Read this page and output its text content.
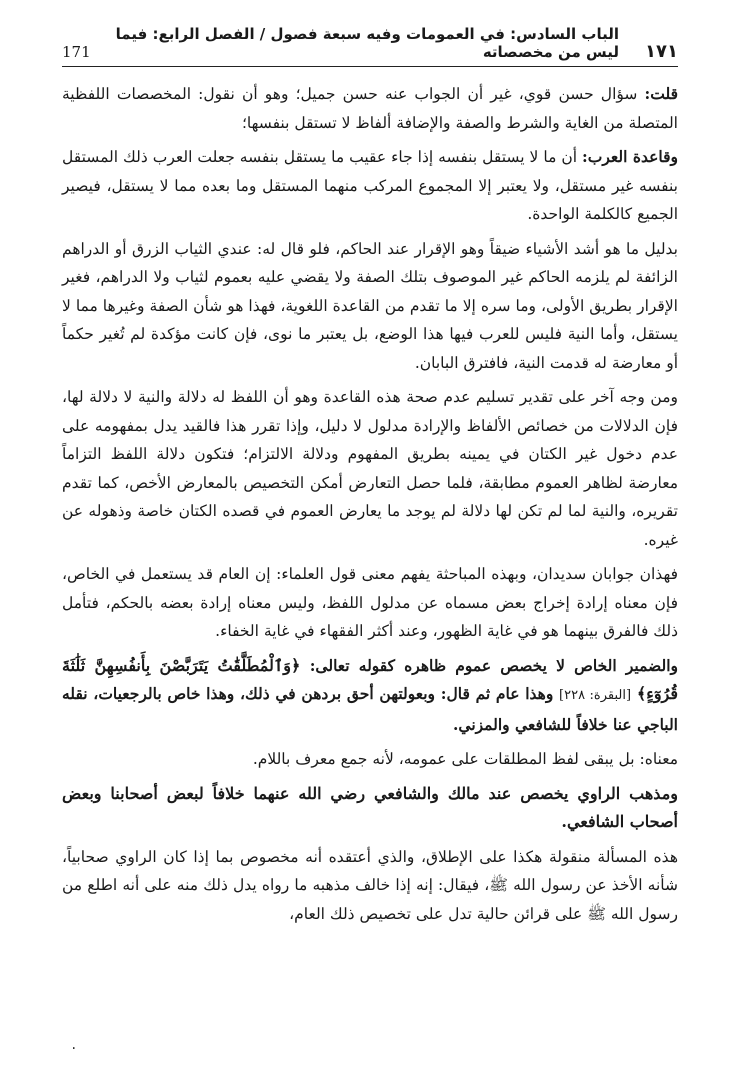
١٧١
الباب السادس: في العمومات وفيه سبعة فصول / الفصل الرابع: فيما ليس من مخصصاته
171

قلت: سؤال حسن قوي، غير أن الجواب عنه حسن جميل؛ وهو أن نقول: المخصصات اللفظية المتصلة من الغاية والشرط والصفة والإضافة ألفاظ لا تستقل بنفسها؛

وقاعدة العرب: أن ما لا يستقل بنفسه إذا جاء عقيب ما يستقل بنفسه جعلت العرب ذلك المستقل بنفسه غير مستقل، ولا يعتبر إلا المجموع المركب منهما المستقل وما بعده مما لا يستقل، فيصير الجميع كالكلمة الواحدة.

بدليل ما هو أشد الأشياء ضيقاً وهو الإقرار عند الحاكم، فلو قال له: عندي الثياب الزرق أو الدراهم الزائفة لم يلزمه الحاكم غير الموصوف بتلك الصفة ولا يقضي عليه بعموم لثياب ولا الدراهم، فغير الإقرار بطريق الأولى، وما سره إلا ما تقدم من القاعدة اللغوية، فهذا هو شأن الصفة وغيرها مما لا يستقل، وأما النية فليس للعرب فيها هذا الوضع، بل يعتبر ما نوى، فإن كانت مؤكدة لم تُغير حكماً أو معارضة له قدمت النية، فافترق البابان.

ومن وجه آخر على تقدير تسليم عدم صحة هذه القاعدة وهو أن اللفظ له دلالة والنية لا دلالة لها، فإن الدلالات من خصائص الألفاظ والإرادة مدلول لا دليل، وإذا تقرر هذا فالقيد يدل بمفهومه على عدم دخول غير الكتان في يمينه بطريق المفهوم ودلالة الالتزام؛ فتكون دلالة اللفظ التزاماً معارضة لظاهر العموم مطابقة، فلما حصل التعارض أمكن التخصيص بالمعارض الأخص، كما تقدم تقريره، والنية لما لم تكن لها دلالة لم يوجد ما يعارض العموم في قصده الكتان خاصة وذهوله عن غيره.

فهذان جوابان سديدان، وبهذه المباحثة يفهم معنى قول العلماء: إن العام قد يستعمل في الخاص، فإن معناه إرادة إخراج بعض مسماه عن مدلول اللفظ، وليس معناه إرادة بعضه بالحكم، فتأمل ذلك فالفرق بينهما هو في غاية الظهور، وعند أكثر الفقهاء في غاية الخفاء.

والضمير الخاص لا يخصص عموم ظاهره كقوله تعالى: ﴿وَٱلْمُطَلَّقَٰتُ يَتَرَبَّصْنَ بِأَنفُسِهِنَّ ثَلَٰثَةَ قُرُوٓءٍ﴾ [البقرة: ٢٢٨] وهذا عام ثم قال: وبعولتهن أحق بردهن في ذلك، وهذا خاص بالرجعيات، نقله الباجي عنا خلافاً للشافعي والمزني.

معناه: بل يبقى لفظ المطلقات على عمومه، لأنه جمع معرف باللام.

ومذهب الراوي يخصص عند مالك والشافعي رضي الله عنهما خلافاً لبعض أصحابنا وبعض أصحاب الشافعي.

هذه المسألة منقولة هكذا على الإطلاق، والذي أعتقده أنه مخصوص بما إذا كان الراوي صحابياً، شأنه الأخذ عن رسول الله ﷺ، فيقال: إنه إذا خالف مذهبه ما رواه يدل ذلك منه على أنه اطلع من رسول الله ﷺ على قرائن حالية تدل على تخصيص ذلك العام،

٠
